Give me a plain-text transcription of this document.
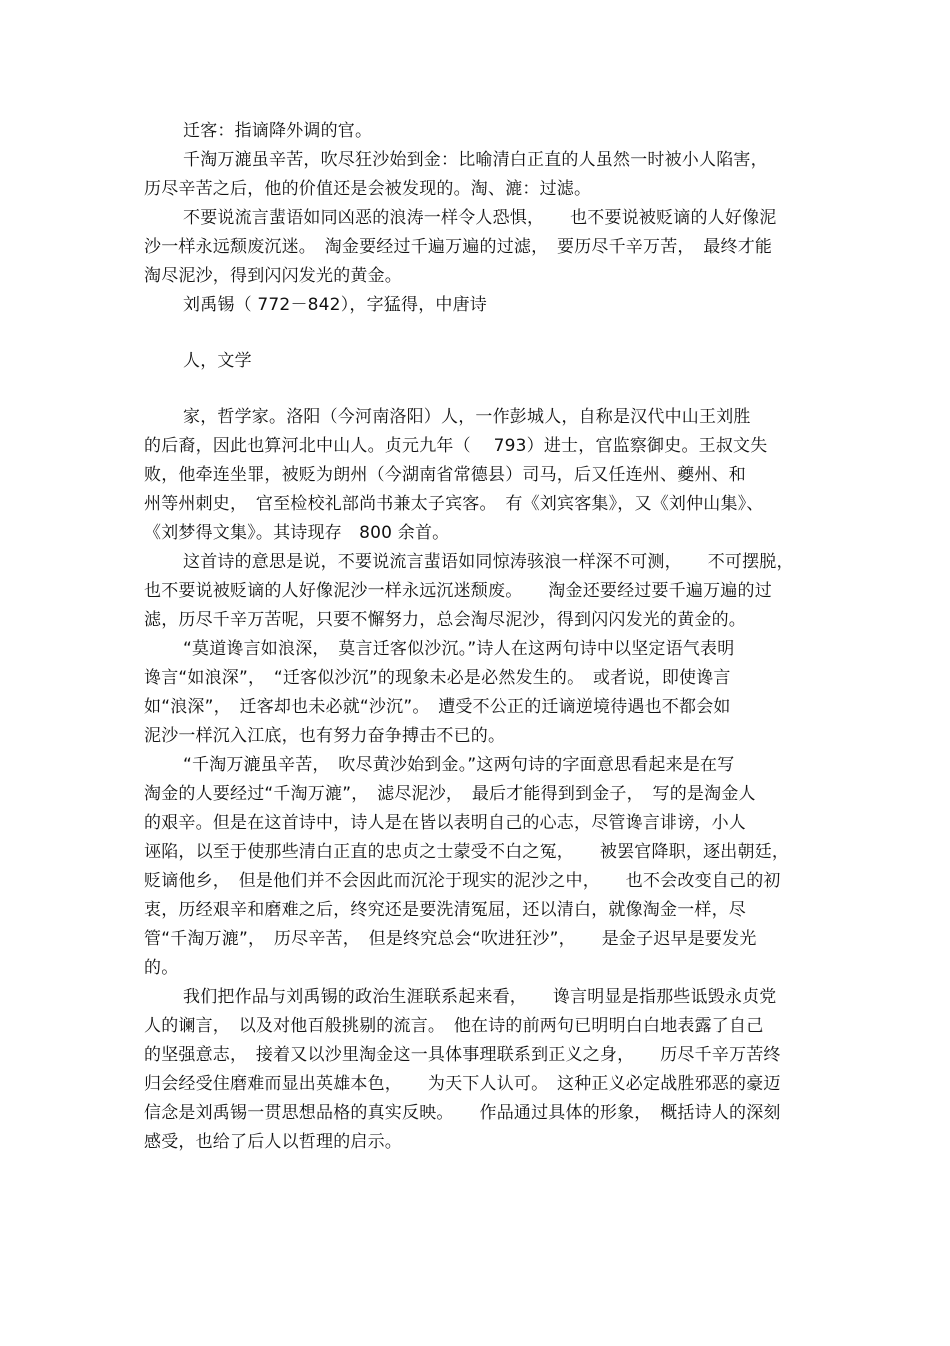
迁客：指谪降外调的官。
千淘万漉虽辛苦，吹尽狂沙始到金：比喻清白正直的人虽然一时被小人陷害，
历尽辛苦之后，他的价值还是会被发现的。淘、漉：过滤。
不要说流言蜚语如同凶恶的浪涛一样令人恐惧，　　也不要说被贬谪的人好像泥
沙一样永远颓废沉迷。　淘金要经过千遍万遍的过滤，　要历尽千辛万苦，　最终才能
淘尽泥沙，得到闪闪发光的黄金。
刘禹锡（ 772－842），字猛得，中唐诗
人，文学
家，哲学家。洛阳（今河南洛阳）人，一作彭城人，自称是汉代中山王刘胜
的后裔，因此也算河北中山人。贞元九年（　 793）进士，官监察御史。王叔文失
败，他牵连坐罪，被贬为朗州（今湖南省常德县）司马，后又任连州、夔州、和
州等州刺史，　官至检校礼部尚书兼太子宾客。　有《刘宾客集》，又《刘仲山集》、
《刘梦得文集》。其诗现存　800 余首。
这首诗的意思是说，不要说流言蜚语如同惊涛骇浪一样深不可测，　　不可摆脱，
也不要说被贬谪的人好像泥沙一样永远沉迷颓废。　　淘金还要经过要千遍万遍的过
滤，历尽千辛万苦呢，只要不懈努力，总会淘尽泥沙，得到闪闪发光的黄金的。
“莫道谗言如浪深，　莫言迁客似沙沉。”诗人在这两句诗中以坚定语气表明
谗言“如浪深”，　“迁客似沙沉”的现象未必是必然发生的。　或者说，即使谗言
如“浪深”，　迁客却也未必就“沙沉”。　遭受不公正的迁谪逆境待遇也不都会如
泥沙一样沉入江底，也有努力奋争搏击不已的。
“千淘万漉虽辛苦，　吹尽黄沙始到金。”这两句诗的字面意思看起来是在写
淘金的人要经过“千淘万漉”，　滤尽泥沙，　最后才能得到到金子，　写的是淘金人
的艰辛。但是在这首诗中，诗人是在皆以表明自己的心志，尽管谗言诽谤，小人
诬陷，以至于使那些清白正直的忠贞之士蒙受不白之冤，　　被罢官降职，逐出朝廷，
贬谪他乡，　但是他们并不会因此而沉沦于现实的泥沙之中，　　也不会改变自己的初
衷，历经艰辛和磨难之后，终究还是要洗清冤屈，还以清白，就像淘金一样，尽
管“千淘万漉”，　历尽辛苦，　但是终究总会“吹进狂沙”，　　是金子迟早是要发光
的。
我们把作品与刘禹锡的政治生涯联系起来看，　　谗言明显是指那些诋毁永贞党
人的谰言，　以及对他百般挑剔的流言。　他在诗的前两句已明明白白地表露了自己
的坚强意志，　接着又以沙里淘金这一具体事理联系到正义之身，　　历尽千辛万苦终
归会经受住磨难而显出英雄本色，　　为天下人认可。　这种正义必定战胜邪恶的豪迈
信念是刘禹锡一贯思想品格的真实反映。　　作品通过具体的形象，　概括诗人的深刻
感受，也给了后人以哲理的启示。
